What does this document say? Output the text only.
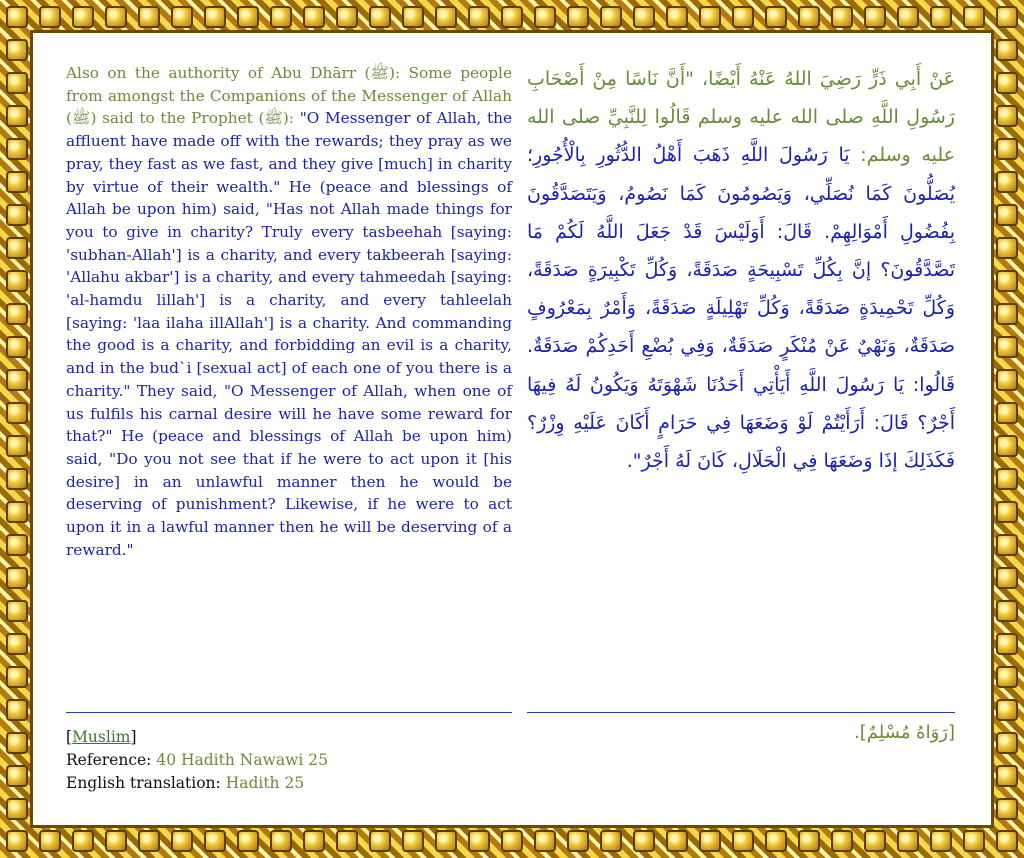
Also on the authority of Abu Dhārr (ﷺ): Some people from amongst the Companions of the Messenger of Allah (ﷺ) said to the Prophet (ﷺ): "O Messenger of Allah, the affluent have made off with the rewards; they pray as we pray, they fast as we fast, and they give [much] in charity by virtue of their wealth." He (peace and blessings of Allah be upon him) said, "Has not Allah made things for you to give in charity? Truly every tasbeehah [saying: 'subhan-Allah'] is a charity, and every takbeerah [saying: 'Allahu akbar'] is a charity, and every tahmeedah [saying: 'al-hamdu lillah'] is a charity, and every tahleelah [saying: 'laa ilaha illAllah'] is a charity. And commanding the good is a charity, and forbidding an evil is a charity, and in the bud`i [sexual act] of each one of you there is a charity." They said, "O Messenger of Allah, when one of us fulfils his carnal desire will he have some reward for that?" He (peace and blessings of Allah be upon him) said, "Do you not see that if he were to act upon it [his desire] in an unlawful manner then he would be deserving of punishment? Likewise, if he were to act upon it in a lawful manner then he will be deserving of a reward."
عَنْ أَبِي ذَرٍّ رَضِيَ اللهُ عَنْهُ أَيْضًا، "أَنَّ نَاسًا مِنْ أَصْحَابِ رَسُولِ اللَّهِ صلى الله عليه وسلم قَالُوا لِلنَّبِيِّ صلى الله عليه وسلم: يَا رَسُولَ اللَّهِ ذَهَبَ أَهْلُ الدُّثُورِ بِالْأُجُورِ؛ يُصَلُّونَ كَمَا نُصَلِّي، وَيَصُومُونَ كَمَا نَصُومُ، وَيَتَصَدَّقُونَ بِفُضُولِ أَمْوَالِهِمْ. قَالَ: أَوَلَيْسَ قَدْ جَعَلَ اللَّهُ لَكُمْ مَا تَصَّدَّقُونَ؟ إنَّ بِكُلِّ تَسْبِيحَةٍ صَدَقَةً، وَكُلِّ تَكْبِيرَةٍ صَدَقَةً، وَكُلِّ تَحْمِيدَةٍ صَدَقَةً، وَكُلِّ تَهْلِيلَةٍ صَدَقَةً، وَأَمْرٌ بِمَعْرُوفٍ صَدَقَةٌ، وَنَهْيٌ عَنْ مُنْكَرٍ صَدَقَةٌ، وَفِي بُضْعِ أَحَدِكُمْ صَدَقَةٌ. قَالُوا: يَا رَسُولَ اللَّهِ أَيَأْتِي أَحَدُنَا شَهْوَتَهُ وَيَكُونُ لَهُ فِيهَا أَجْرٌ؟ قَالَ: أَرَأَيْتُمْ لَوْ وَضَعَهَا فِي حَرَامٍ أَكَانَ عَلَيْهِ وِزْرٌ؟ فَكَذَلِكَ إذَا وَضَعَهَا فِي الْحَلَالِ، كَانَ لَهُ أَجْرٌ".
[Muslim]
Reference: 40 Hadith Nawawi 25
English translation: Hadith 25
[رَوَاهُ مُسْلِمٌ].
